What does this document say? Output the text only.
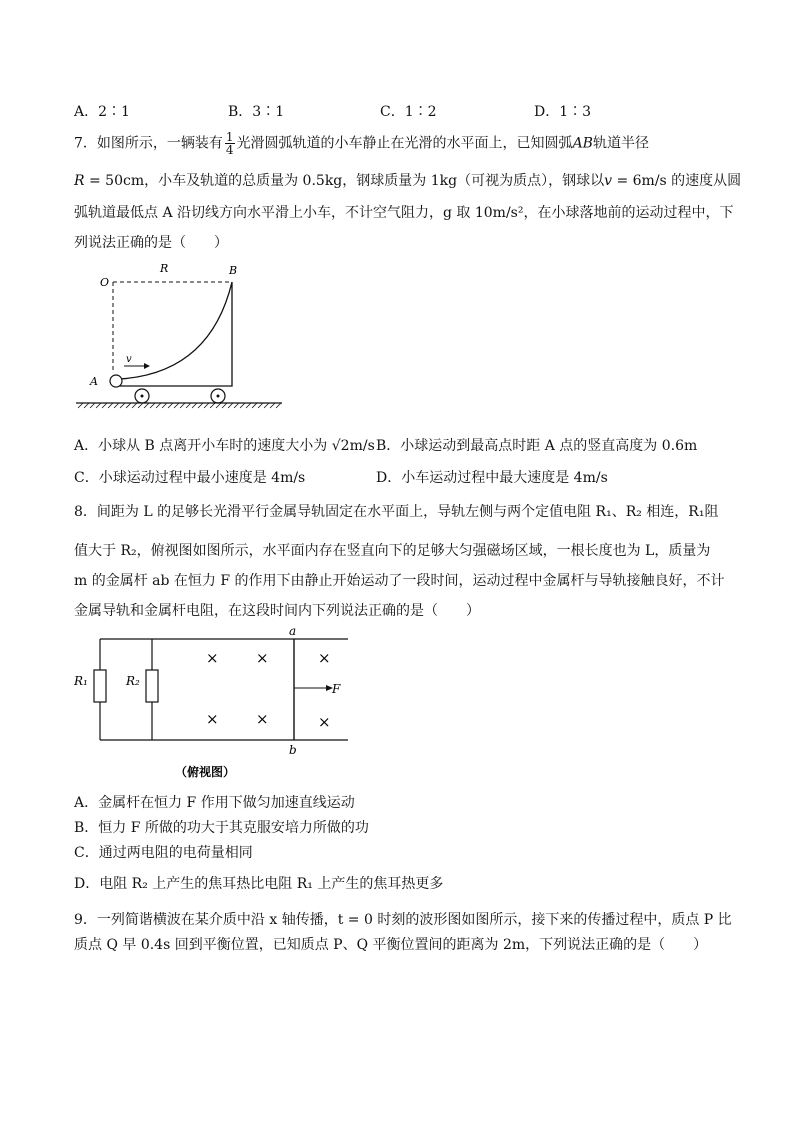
A．2∶1	B．3∶1	C．1∶2	D．1∶3
7．如图所示，一辆装有 $\frac{1}{4}$ 光滑圆弧轨道的小车静止在光滑的水平面上，已知圆弧AB轨道半径
R = 50cm，小车及轨道的总质量为 0.5kg，钢球质量为 1kg（可视为质点），钢球以v = 6m/s 的速度从圆
弧轨道最低点 A 沿切线方向水平滑上小车，不计空气阻力，g 取 10m/s²，在小球落地前的运动过程中，下
列说法正确的是（　　）
O
R	B
A
v
A．小球从 B 点离开小车时的速度大小为 √2m/s B．小球运动到最高点时距 A 点的竖直高度为 0.6m
C．小球运动过程中最小速度是 4m/s	D．小车运动过程中最大速度是 4m/s
8．间距为 L 的足够长光滑平行金属导轨固定在水平面上，导轨左侧与两个定值电阻 R₁、R₂ 相连，R₁阻
值大于 R₂，俯视图如图所示，水平面内存在竖直向下的足够大匀强磁场区域，一根长度也为 L，质量为
m 的金属杆 ab 在恒力 F 的作用下由静止开始运动了一段时间，运动过程中金属杆与导轨接触良好，不计
金属导轨和金属杆电阻，在这段时间内下列说法正确的是（　　）
× ×	×
× ×	×
a
b
R₁	R₂
F
（俯视图）
A．金属杆在恒力 F 作用下做匀加速直线运动
B．恒力 F 所做的功大于其克服安培力所做的功
C．通过两电阻的电荷量相同
D．电阻 R₂ 上产生的焦耳热比电阻 R₁ 上产生的焦耳热更多
9．一列简谐横波在某介质中沿 x 轴传播，t = 0 时刻的波形图如图所示，接下来的传播过程中，质点 P 比
质点 Q 早 0.4s 回到平衡位置，已知质点 P、Q 平衡位置间的距离为 2m，下列说法正确的是（　　）
